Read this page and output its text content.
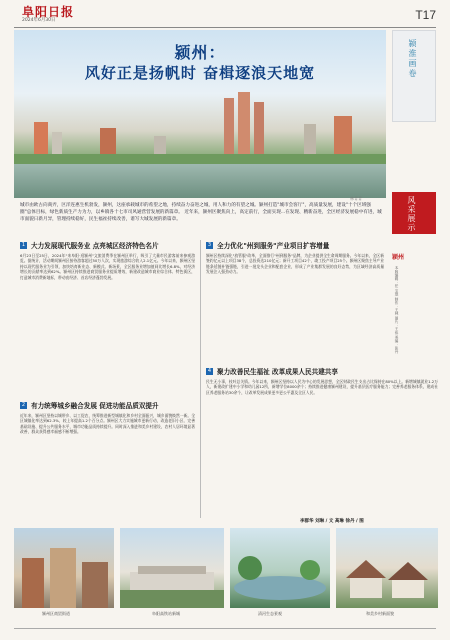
阜阳日报
2024年6月30日	T17
颍州：
风好正是扬帆时 奋楫逐浪天地宽
林青青
城市由欧古向商弄，区洋连惠生机勃发，颍州，这座承载城市的希望之地，持续奋力奋进之城，用人和力的有望之城。颍州打造"城市会客厅"，高质量发展，建设"十个区域强圈"总体目标，绿色新质生产力为力，以乡镇各十七市司风通营营发展的新篇章。 近年来，颍州区聚焦向上，高定前行，全面实现...在发现、精新奋进，全区经济发展稳中有进，城市面貌日新月异，管理持续稳好，民生福祉持续改善，谱写大城发展的新篇章。
颍淮画卷
风采展示
颍州
本版编辑：任 宝琪 制作：王林 图片：王伟 美编：张丹
1 大力发展现代服务业 点亮城区经济特色名片
6月23日至25日，2024年"来阜阳·逛颍州"文旅消费季在颍州区举行，吸引了大量市民游客前来参观游览。据统计，活动期间颍州区接待游客超过50万人次，实现旅游综合收入2.1亿元。今年以来，颍州区坚持以现代服务业为引领，加快培育新业态、新模式、新场景，全区服务业增加值同比增长6.8%，对经济增长的贡献率达到62%。颍州区持续推进商贸服务业提质增效，新建改造城市商业综合体、特色街区，打造城市消费新地标，带动夜经济、首店经济蓬勃发展。
2 有力统筹城乡融合发展 促进功能品质双提升
近年来，颍州区坚持以城带乡、以工促农，统筹推进新型城镇化和乡村全面振兴，城乡面貌焕然一新。全区城镇化率达到62.3%，较上年提高1.2个百分点。颍州区大力实施城市更新行动，改造老旧小区、完善基础设施、提升公共服务水平，城市功能品质持续提升。同时深入推进和美乡村建设，农村人居环境显著改善，群众获得感幸福感不断增强。
3 全力优化"州到服务"产业项目扩容增量
颍州区持续深化"放管服"改革，全面推行"州到服务"品牌，为企业提供全生命周期服务。今年以来，全区新签约亿元以上项目38个，总投资达210亿元；新开工项目42个，竣工投产项目25个。颍州区聚焦主导产业链条延链补链强链，引进一批龙头企业和配套企业，形成了产业集群发展的良好态势，为区域经济高质量发展注入强劲动力。
4 聚力改善民生福祉 改革成果人民共建共享
民生无小事，枝叶总关情。今年以来，颍州区坚持以人民为中心的发展思想，全区财政民生支出占比保持在80%以上。新增城镇就业1.2万人，新建改扩建中小学和幼儿园12所，新增学位8000余个；持续推进健康颍州建设，提升基层医疗服务能力；完善养老服务体系，建成社区养老服务站30余个，让改革发展成果更多更公平惠及全区人民。
李群华 刘琳 / 文 高琳 徐丹 / 图
颍州区商贸街道	阜阳高铁站新城	清河生态景观	和美乡村新面貌
